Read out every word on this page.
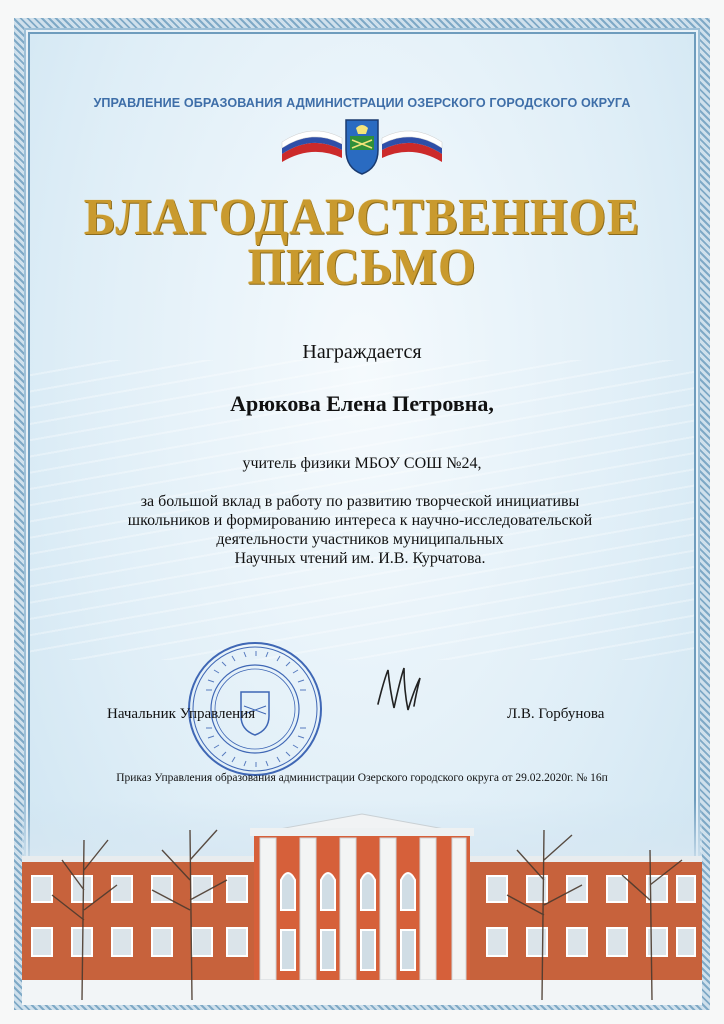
УПРАВЛЕНИЕ ОБРАЗОВАНИЯ АДМИНИСТРАЦИИ ОЗЕРСКОГО ГОРОДСКОГО ОКРУГА
БЛАГОДАРСТВЕННОЕ
ПИСЬМО
Награждается
Арюкова Елена Петровна,
учитель физики МБОУ СОШ №24,
за большой вклад в работу по развитию творческой инициативы
школьников и формированию интереса к научно-исследовательской
деятельности участников муниципальных
Научных чтений им. И.В. Курчатова.
Начальник Управления	Л.В. Горбунова
Приказ Управления образования администрации Озерского городского округа от 29.02.2020г. № 16п
